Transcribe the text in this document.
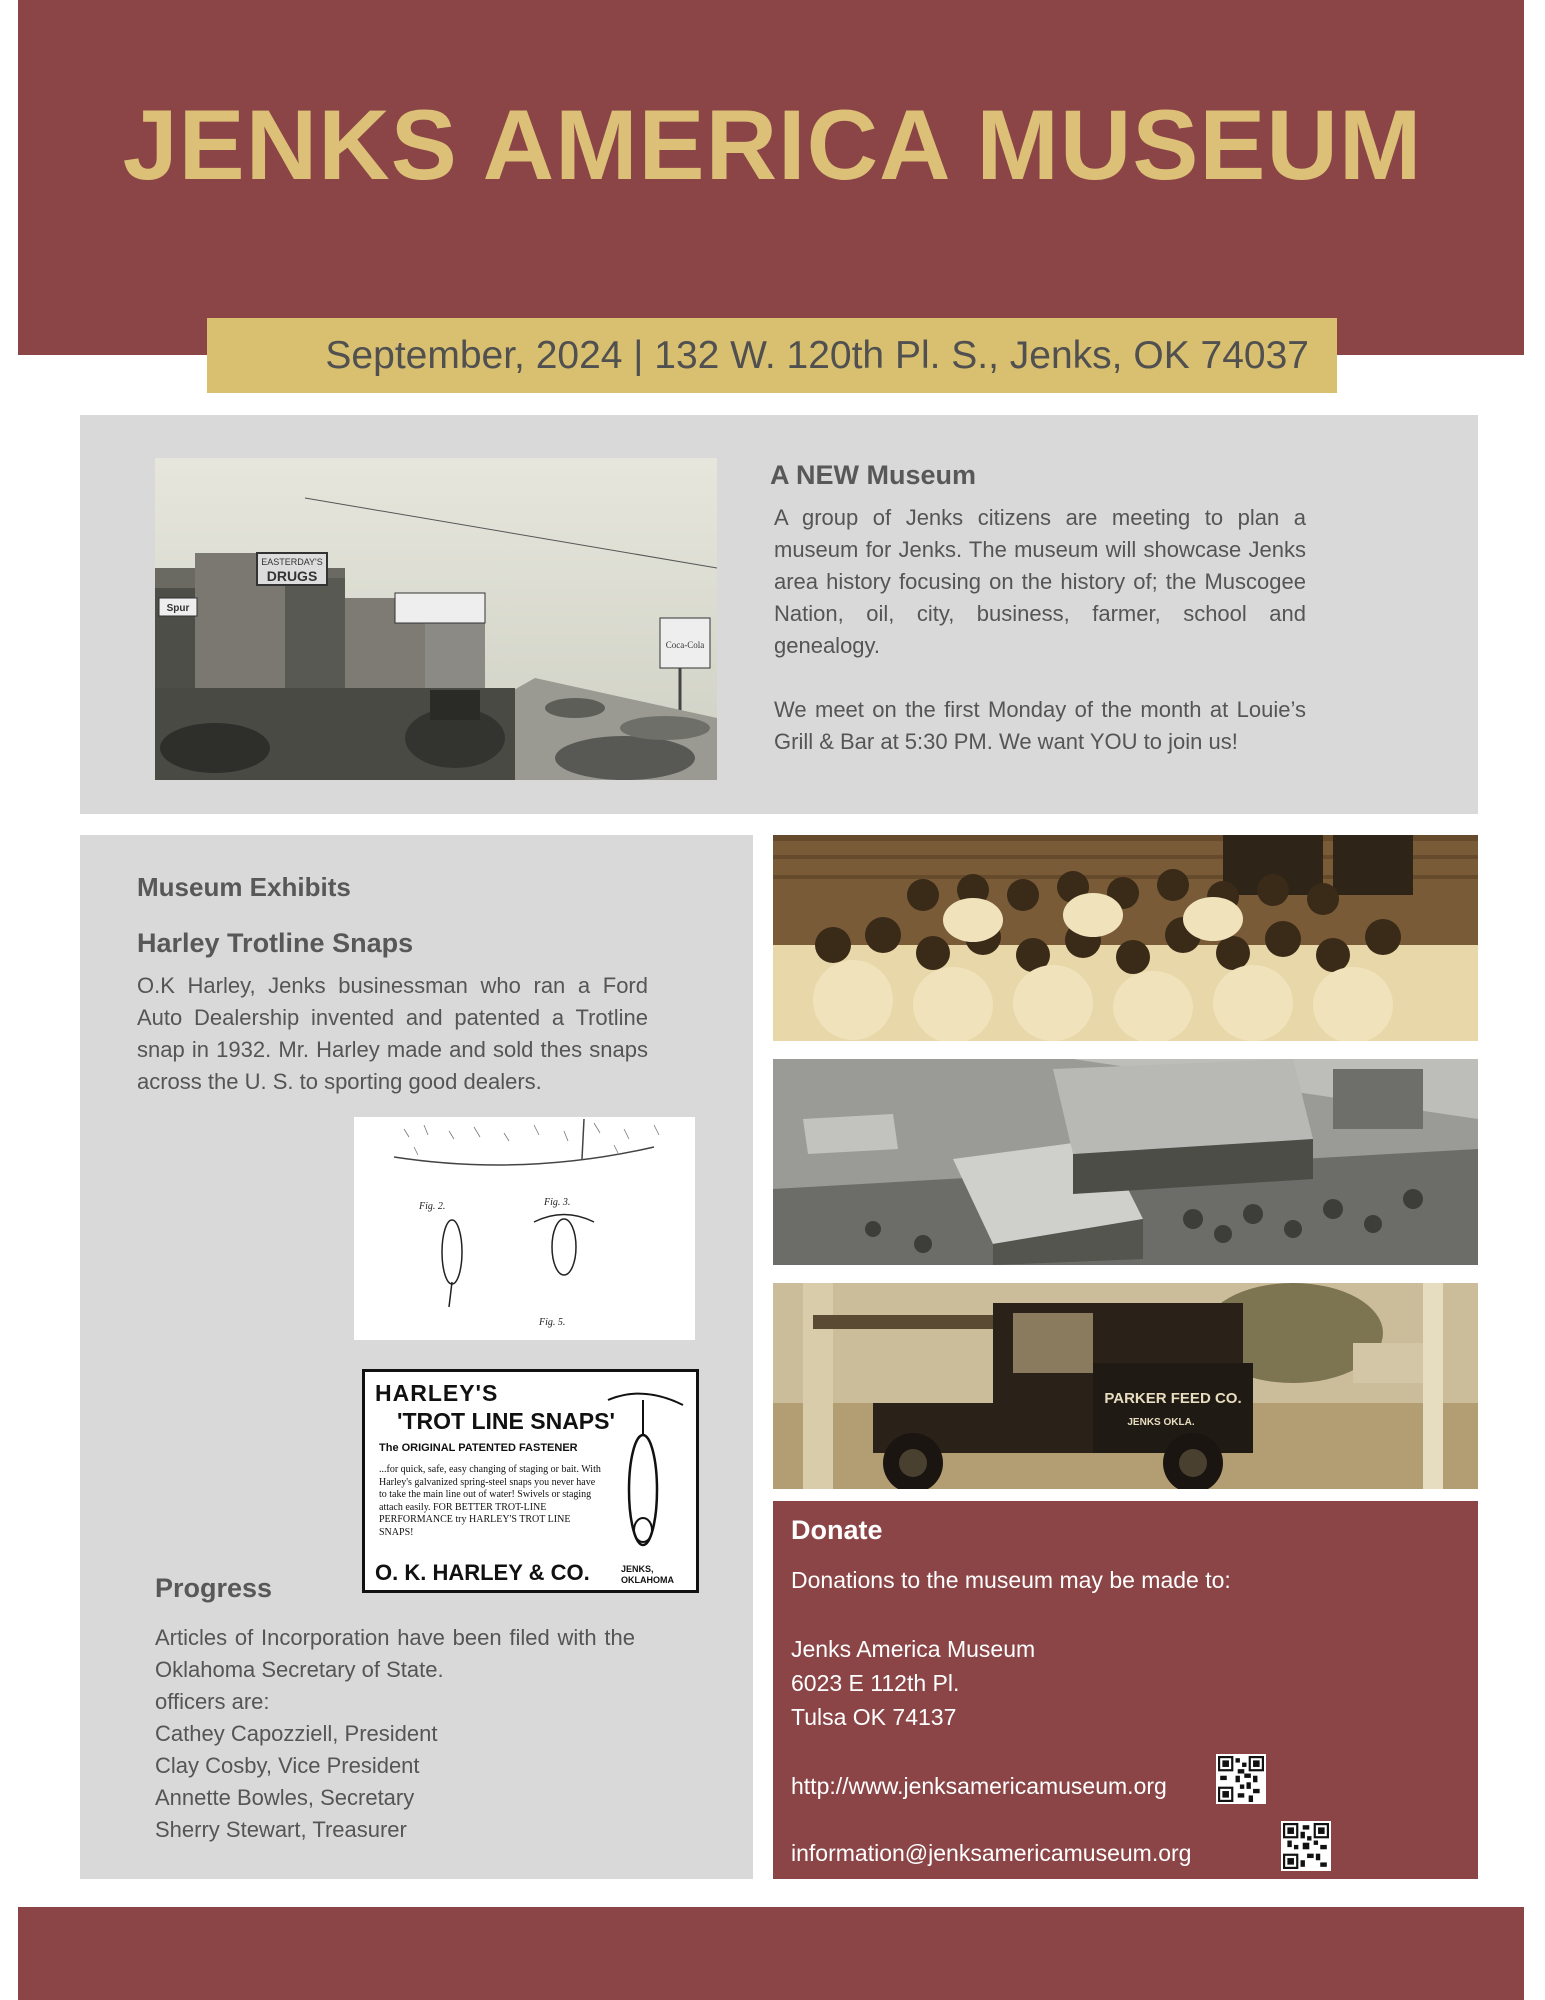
JENKS AMERICA MUSEUM
September, 2024 | 132 W. 120th Pl. S., Jenks, OK 74037
EASTERDAY'S
DRUGS
Spur
Coca-Cola
A NEW Museum

A group of Jenks citizens are meeting to plan a museum for Jenks. The museum will showcase Jenks area history focusing on the history of; the Muscogee Nation, oil, city, business, farmer, school and genealogy.

We meet on the first Monday of the month at Louie’s Grill & Bar at 5:30 PM. We want YOU to join us!

Museum Exhibits
Harley Trotline Snaps

O.K Harley, Jenks businessman who ran a Ford Auto Dealership invented and patented a Trotline snap in 1932. Mr. Harley made and sold thes snaps across the U. S. to sporting good dealers.

Fig. 2.	Fig. 3.
Fig. 5.
HARLEY'S
'TROT LINE SNAPS'
The ORIGINAL PATENTED FASTENER
...for quick, safe, easy changing of staging or bait. With Harley's galvanized spring-steel snaps you never have to take the main line out of water! Swivels or staging attach easily. FOR BETTER TROT-LINE PERFORMANCE try HARLEY'S TROT LINE SNAPS!
O. K. HARLEY & CO.	JENKS,
OKLAHOMA
Progress
Articles of Incorporation have been filed with the Oklahoma Secretary of State.
officers are:
Cathey Capozziell, President
Clay Cosby, Vice President
Annette Bowles, Secretary
Sherry Stewart, Treasurer
PARKER FEED CO.
JENKS OKLA.
Donate
Donations to the museum may be made to:
Jenks America Museum
6023 E 112th Pl.
Tulsa OK 74137
http://www.jenksamericamuseum.org
information@jenksamericamuseum.org
